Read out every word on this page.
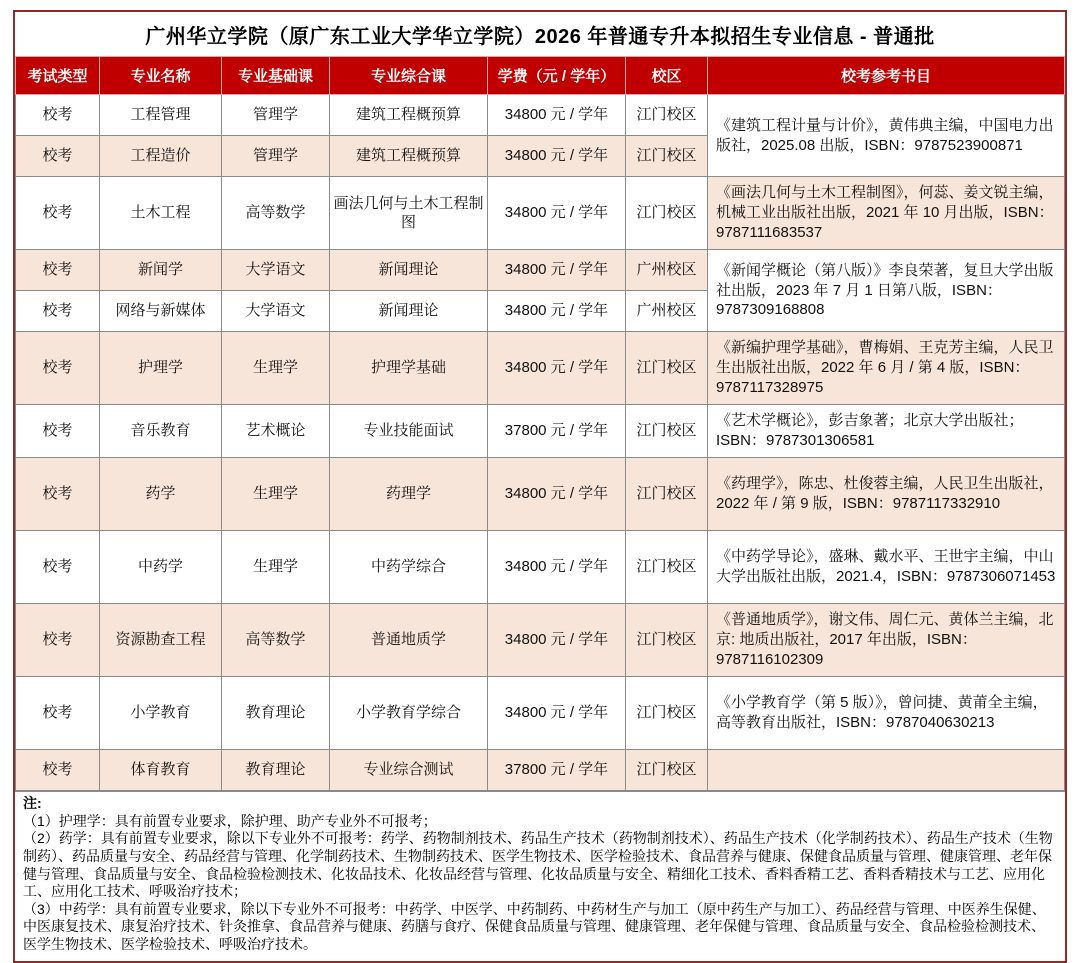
广州华立学院（原广东工业大学华立学院）2026 年普通专升本拟招生专业信息 - 普通批
考试类型	专业名称	专业基础课	专业综合课	学费（元 / 学年）	校区	校考参考书目
校考	工程管理	管理学	建筑工程概预算	34800 元 / 学年	江门校区	《建筑工程计量与计价》，黄伟典主编，中国电力出版社，2025.08 出版，ISBN：9787523900871
校考	工程造价	管理学	建筑工程概预算	34800 元 / 学年	江门校区	
校考	土木工程	高等数学	画法几何与土木工程制图	34800 元 / 学年	江门校区	《画法几何与土木工程制图》，何蕊、姜文锐主编，机械工业出版社出版，2021 年 10 月出版，ISBN：9787111683537
校考	新闻学	大学语文	新闻理论	34800 元 / 学年	广州校区	《新闻学概论（第八版）》李良荣著，复旦大学出版社出版，2023 年 7 月 1 日第八版，ISBN：9787309168808
校考	网络与新媒体	大学语文	新闻理论	34800 元 / 学年	广州校区	
校考	护理学	生理学	护理学基础	34800 元 / 学年	江门校区	《新编护理学基础》，曹梅娟、王克芳主编，人民卫生出版社出版，2022 年 6 月 / 第 4 版，ISBN：9787117328975
校考	音乐教育	艺术概论	专业技能面试	37800 元 / 学年	江门校区	《艺术学概论》，彭吉象著；北京大学出版社；ISBN：9787301306581
校考	药学	生理学	药理学	34800 元 / 学年	江门校区	《药理学》，陈忠、杜俊蓉主编，人民卫生出版社，2022 年 / 第 9 版，ISBN：9787117332910
校考	中药学	生理学	中药学综合	34800 元 / 学年	江门校区	《中药学导论》，盛琳、戴水平、王世宇主编，中山大学出版社出版，2021.4，ISBN：9787306071453
校考	资源勘查工程	高等数学	普通地质学	34800 元 / 学年	江门校区	《普通地质学》，谢文伟、周仁元、黄体兰主编，北京: 地质出版社，2017 年出版，ISBN：9787116102309
校考	小学教育	教育理论	小学教育学综合	34800 元 / 学年	江门校区	《小学教育学（第 5 版）》，曾问捷、黄莆全主编，高等教育出版社，ISBN：9787040630213
校考	体育教育	教育理论	专业综合测试	37800 元 / 学年	江门校区	
注:

（1）护理学：具有前置专业要求，除护理、助产专业外不可报考；

（2）药学：具有前置专业要求，除以下专业外不可报考：药学、药物制剂技术、药品生产技术（药物制剂技术）、药品生产技术（化学制药技术）、药品生产技术（生物制药）、药品质量与安全、药品经营与管理、化学制药技术、生物制药技术、医学生物技术、医学检验技术、食品营养与健康、保健食品质量与管理、健康管理、老年保健与管理、食品质量与安全、食品检验检测技术、化妆品技术、化妆品经营与管理、化妆品质量与安全、精细化工技术、香料香精工艺、香料香精技术与工艺、应用化工、应用化工技术、呼吸治疗技术；

（3）中药学：具有前置专业要求，除以下专业外不可报考：中药学、中医学、中药制药、中药材生产与加工（原中药生产与加工）、药品经营与管理、中医养生保健、中医康复技术、康复治疗技术、针灸推拿、食品营养与健康、药膳与食疗、保健食品质量与管理、健康管理、老年保健与管理、食品质量与安全、食品检验检测技术、医学生物技术、医学检验技术、呼吸治疗技术。
